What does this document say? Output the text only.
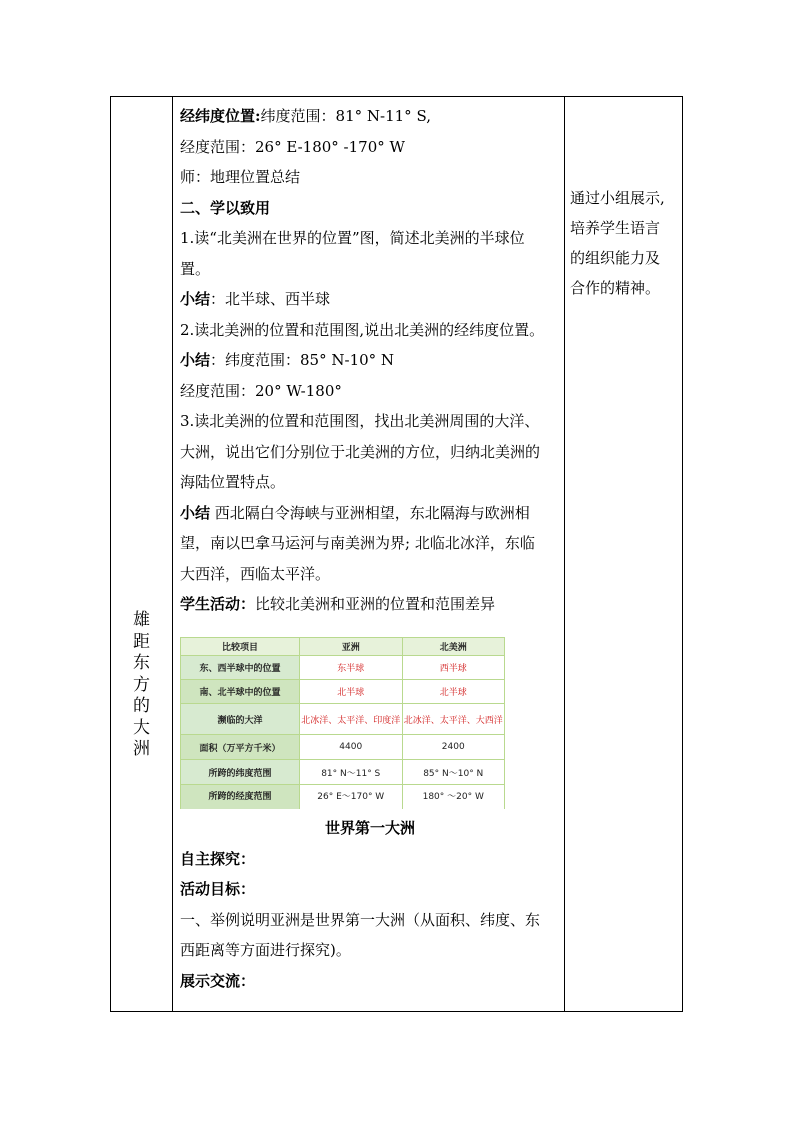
雄
距
东
方
的
大
洲
经纬度位置:纬度范围：81° N-11° S,
经度范围：26° E-180° -170° W
师：地理位置总结
二、学以致用
1.读“北美洲在世界的位置”图，简述北美洲的半球位
置。
小结：北半球、西半球
2.读北美洲的位置和范围图,说出北美洲的经纬度位置。
小结：纬度范围：85° N-10° N
经度范围：20° W-180°
3.读北美洲的位置和范围图，找出北美洲周围的大洋、
大洲，说出它们分别位于北美洲的方位，归纳北美洲的
海陆位置特点。
小结 西北隔白令海峡与亚洲相望，东北隔海与欧洲相
望，南以巴拿马运河与南美洲为界; 北临北冰洋，东临
大西洋，西临太平洋。
学生活动：比较北美洲和亚洲的位置和范围差异
比较项目	亚洲	北美洲
东、西半球中的位置	东半球	西半球
南、北半球中的位置	北半球	北半球
濒临的大洋	北冰洋、太平洋、印度洋	北冰洋、太平洋、大西洋
面积（万平方千米）	4400	2400
所跨的纬度范围	81° N～11° S	85° N～10° N
所跨的经度范围	26° E～170° W	180° ～20° W
世界第一大洲
自主探究：
活动目标：
一、举例说明亚洲是世界第一大洲（从面积、纬度、东
西距离等方面进行探究)。
展示交流：
通过小组展示,
培养学生语言
的组织能力及
合作的精神。
